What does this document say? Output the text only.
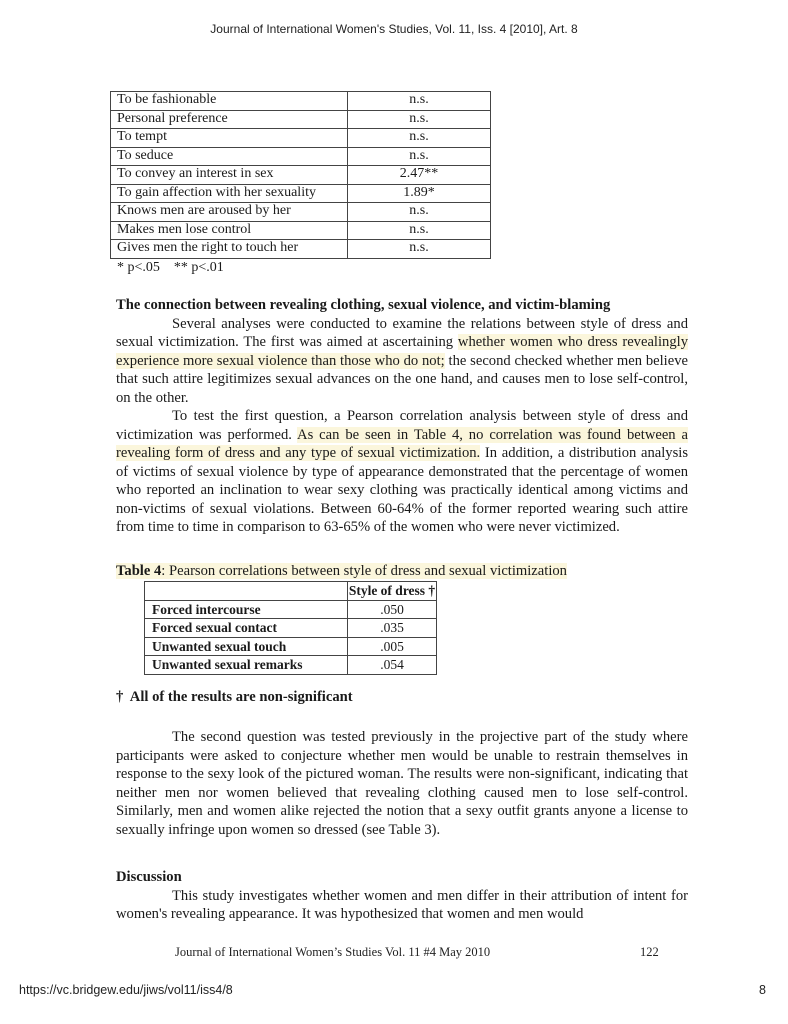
Journal of International Women's Studies, Vol. 11, Iss. 4 [2010], Art. 8
To be fashionable	n.s.
Personal preference	n.s.
To tempt	n.s.
To seduce	n.s.
To convey an interest in sex	2.47**
To gain affection with her sexuality	1.89*
Knows men are aroused by her	n.s.
Makes men lose control	n.s.
Gives men the right to touch her	n.s.
* p<.05    ** p<.01

The connection between revealing clothing, sexual violence, and victim-blaming

Several analyses were conducted to examine the relations between style of dress and sexual victimization. The first was aimed at ascertaining whether women who dress revealingly experience more sexual violence than those who do not; the second checked whether men believe that such attire legitimizes sexual advances on the one hand, and causes men to lose self-control, on the other.

To test the first question, a Pearson correlation analysis between style of dress and victimization was performed. As can be seen in Table 4, no correlation was found between a revealing form of dress and any type of sexual victimization. In addition, a distribution analysis of victims of sexual violence by type of appearance demonstrated that the percentage of women who reported an inclination to wear sexy clothing was practically identical among victims and non-victims of sexual violations. Between 60-64% of the former reported wearing such attire from time to time in comparison to 63-65% of the women who were never victimized.

Table 4: Pearson correlations between style of dress and sexual victimization
	Style of dress †
Forced intercourse	.050
Forced sexual contact	.035
Unwanted sexual touch	.005
Unwanted sexual remarks	.054
†  All of the results are non-significant

The second question was tested previously in the projective part of the study where participants were asked to conjecture whether men would be unable to restrain themselves in response to the sexy look of the pictured woman. The results were non-significant, indicating that neither men nor women believed that revealing clothing caused men to lose self-control. Similarly, men and women alike rejected the notion that a sexy outfit grants anyone a license to sexually infringe upon women so dressed (see Table 3).

Discussion

This study investigates whether women and men differ in their attribution of intent for women's revealing appearance. It was hypothesized that women and men would

Journal of International Women’s Studies Vol. 11 #4 May 2010	122
https://vc.bridgew.edu/jiws/vol11/iss4/8	8
